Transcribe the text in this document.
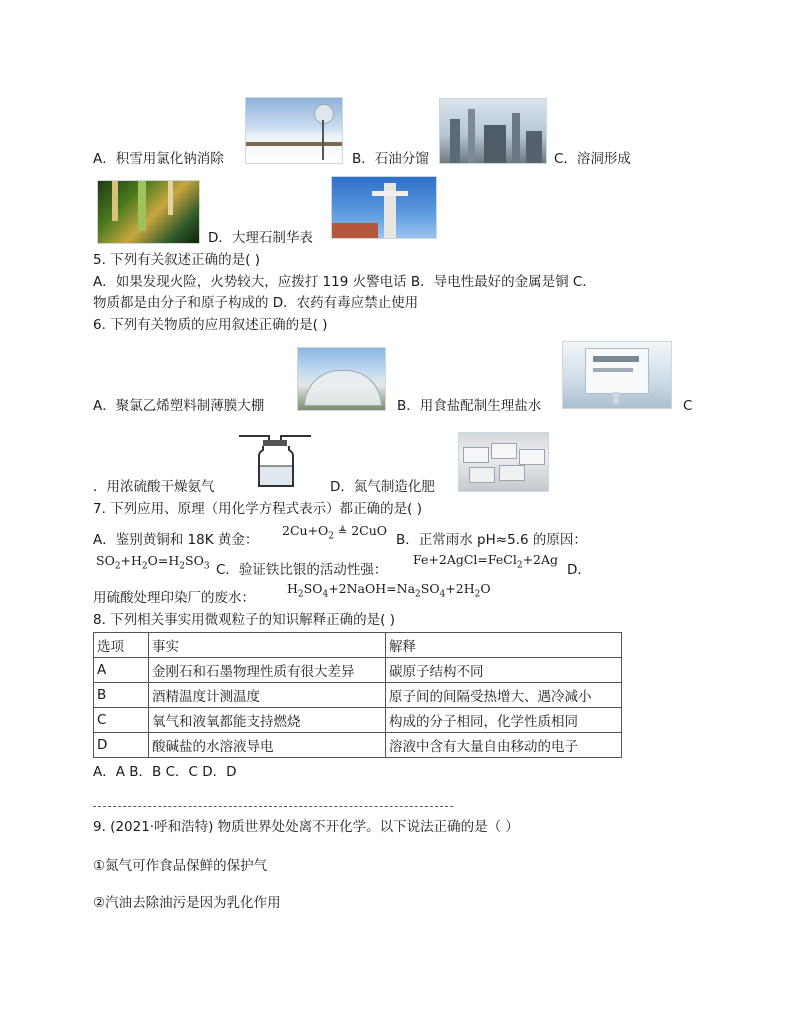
A．积雪用氯化钠消除	B．石油分馏	C．溶洞形成
D．大理石制华表
5. 下列有关叙述正确的是( )
A．如果发现火险，火势较大，应拨打 119 火警电话 B．导电性最好的金属是铜 C．
物质都是由分子和原子构成的 D．农药有毒应禁止使用
6. 下列有关物质的应用叙述正确的是( )
A．聚氯乙烯塑料制薄膜大棚	B．用食盐配制生理盐水	C
．用浓硫酸干燥氨气	D．氮气制造化肥
7. 下列应用、原理（用化学方程式表示）都正确的是( )
A．鉴别黄铜和 18K 黄金：
$2Cu+O_2$ ≜ 2CuO
B．正常雨水 pH≈5.6 的原因：
$SO_2+H_2O=H_2SO_3$ C．验证铁比银的活动性强：
Fe+2AgCl=FeCl$_2$+2Ag
D．
用硫酸处理印染厂的废水：
$H_2SO_4+2NaOH=Na_2SO_4+2H_2O$
8. 下列相关事实用微观粒子的知识解释正确的是( )
选项	事实	解释
A	金刚石和石墨物理性质有很大差异	碳原子结构不同
B	酒精温度计测温度	原子间的间隔受热增大、遇冷减小
C	氧气和液氧都能支持燃烧	构成的分子相同，化学性质相同
D	酸碱盐的水溶液导电	溶液中含有大量自由移动的电子
A．A B．B C．C D．D
9. (2021·呼和浩特) 物质世界处处离不开化学。以下说法正确的是（ ）
①氮气可作食品保鲜的保护气
②汽油去除油污是因为乳化作用
